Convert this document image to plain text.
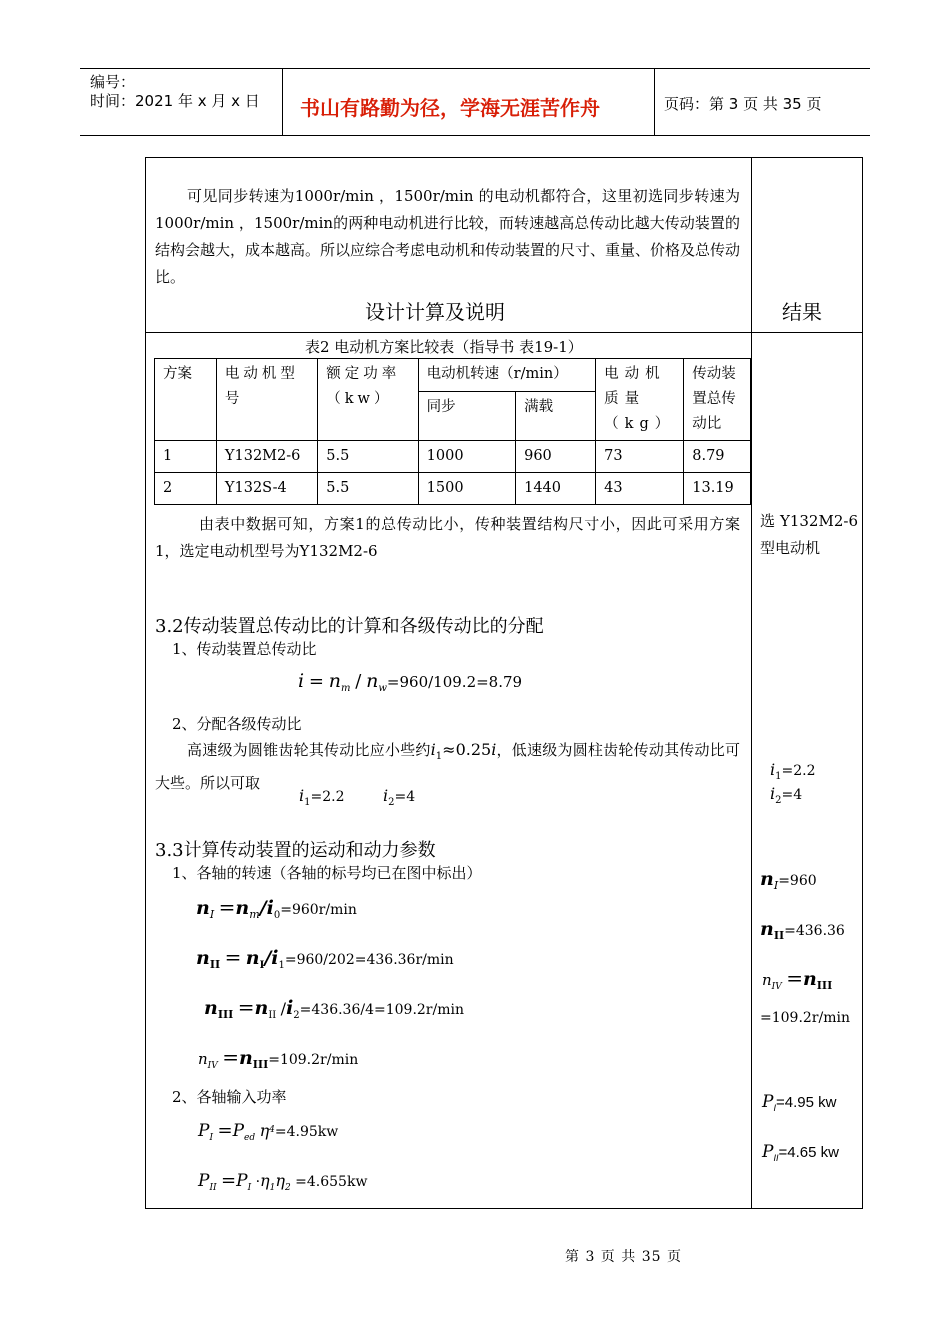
编号：
时间：2021 年 x 月 x 日 书山有路勤为径，学海无涯苦作舟	页码：第 3 页 共 35 页
可见同步转速为1000r/min ，1500r/min 的电动机都符合，这里初选同步转速为1000r/min ，1500r/min的两种电动机进行比较，而转速越高总传动比越大传动装置的结构会越大，成本越高。所以应综合考虑电动机和传动装置的尺寸、重量、价格及总传动比。
设计计算及说明	结果
表2 电动机方案比较表（指导书 表19-1）
方案	电动机型号	额定功率（kw）	电动机转速（r/min）		电动机质量（kg）	传动装置总传动比
			同步	满载		
1	Y132M2-6	5.5	1000	960	73	8.79
2	Y132S-4	5.5	1500	1440	43	13.19
由表中数据可知，方案1的总传动比小，传种装置结构尺寸小，因此可采用方案1，选定电动机型号为Y132M2-6
选 Y132M2-6型电动机
3.2传动装置总传动比的计算和各级传动比的分配
1、传动装置总传动比
$i = n_m / n_w=960/109.2=8.79$
2、分配各级传动比
高速级为圆锥齿轮其传动比应小些约$i_1\approx 0.25i$，低速级为圆柱齿轮传动其传动比可大些。所以可取
$i_1=2.2$ $i_2=4$
$i_1=2.2$
$i_2=4$
3.3计算传动装置的运动和动力参数
1、各轴的转速（各轴的标号均已在图中标出）
$n_I =n_m/i_0=960r/\min$
$n_{II} = n_I/i_1=960/202=436.36r/\min$
$n_{III} =n_{II}$ $/i_2=436.36/4=109.2r/\min$
$n_{IV} =n_{III}=109.2r/\min$
2、各轴输入功率
$P_I =P_{ed}$ $\eta^4=4.95kw$
$P_{II} =P_I \cdot\eta_1\eta_2 =4.655kw$
$n_I=960$
$n_{II}=436.36$
$n_{IV} =n_{III}$
=109.2r/min
$P_I=4.95$ kw
$P_{II}=4.65$ kw
第 3 页 共 35 页
